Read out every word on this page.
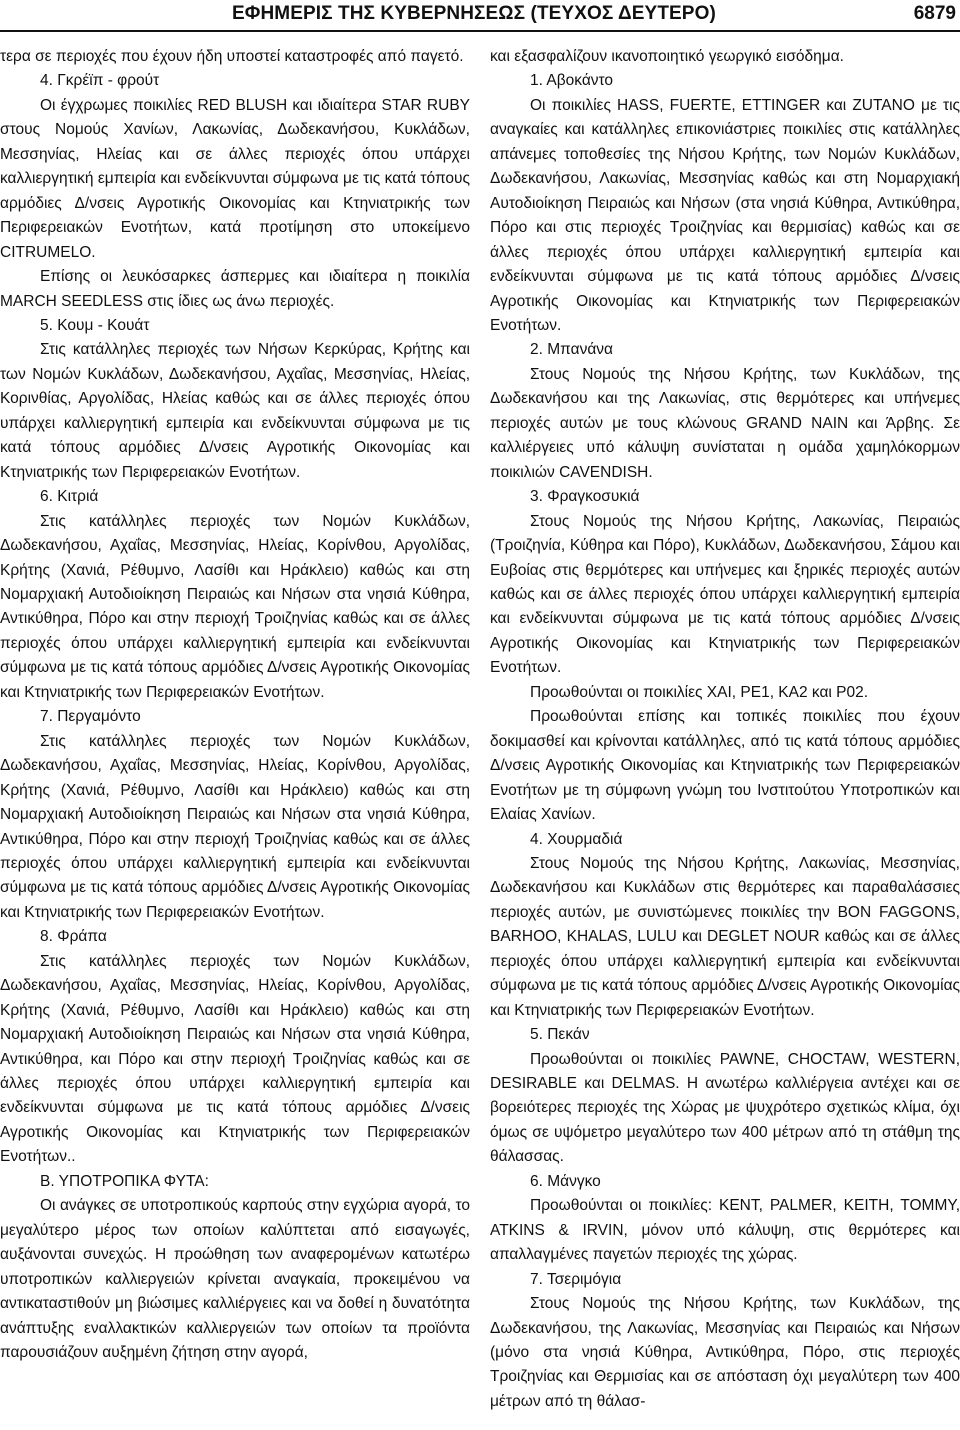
ΕΦΗΜΕΡΙΣ ΤΗΣ ΚΥΒΕΡΝΗΣΕΩΣ (ΤΕΥΧΟΣ ΔΕΥΤΕΡΟ)	6879

τερα σε περιοχές που έχουν ήδη υποστεί καταστροφές από παγετό.

4. Γκρέϊπ - φρούτ

Οι έγχρωμες ποικιλίες RED BLUSH και ιδιαίτερα STAR RUBY στους Νομούς Χανίων, Λακωνίας, Δωδεκανήσου, Κυκλάδων, Μεσσηνίας, Ηλείας και σε άλλες περιοχές όπου υπάρχει καλλιεργητική εμπειρία και ενδείκνυνται σύμφωνα με τις κατά τόπους αρμόδιες Δ/νσεις Αγροτικής Οικονομίας και Κτηνιατρικής των Περιφερειακών Ενοτήτων, κατά προτίμηση στο υποκείμενο CITRUMELO.

Επίσης οι λευκόσαρκες άσπερμες και ιδιαίτερα η ποικιλία MARCH SEEDLESS στις ίδιες ως άνω περιοχές.

5. Κουμ - Κουάτ

Στις κατάλληλες περιοχές των Νήσων Κερκύρας, Κρήτης και των Νομών Κυκλάδων, Δωδεκανήσου, Αχαΐας, Μεσσηνίας, Ηλείας, Κορινθίας, Αργολίδας, Ηλείας καθώς και σε άλλες περιοχές όπου υπάρχει καλλιεργητική εμπειρία και ενδείκνυνται σύμφωνα με τις κατά τόπους αρμόδιες Δ/νσεις Αγροτικής Οικονομίας και Κτηνιατρικής των Περιφερειακών Ενοτήτων.

6. Κιτριά

Στις κατάλληλες περιοχές των Νομών Κυκλάδων, Δωδεκανήσου, Αχαΐας, Μεσσηνίας, Ηλείας, Κορίνθου, Αργολίδας, Κρήτης (Χανιά, Ρέθυμνο, Λασίθι και Ηράκλειο) καθώς και στη Νομαρχιακή Αυτοδιοίκηση Πειραιώς και Νήσων στα νησιά Κύθηρα, Αντικύθηρα, Πόρο και στην περιοχή Τροιζηνίας καθώς και σε άλλες περιοχές όπου υπάρχει καλλιεργητική εμπειρία και ενδείκνυνται σύμφωνα με τις κατά τόπους αρμόδιες Δ/νσεις Αγροτικής Οικονομίας και Κτηνιατρικής των Περιφερειακών Ενοτήτων.

7. Περγαμόντο

Στις κατάλληλες περιοχές των Νομών Κυκλάδων, Δωδεκανήσου, Αχαΐας, Μεσσηνίας, Ηλείας, Κορίνθου, Αργολίδας, Κρήτης (Χανιά, Ρέθυμνο, Λασίθι και Ηράκλειο) καθώς και στη Νομαρχιακή Αυτοδιοίκηση Πειραιώς και Νήσων στα νησιά Κύθηρα, Αντικύθηρα, Πόρο και στην περιοχή Τροιζηνίας καθώς και σε άλλες περιοχές όπου υπάρχει καλλιεργητική εμπειρία και ενδείκνυνται σύμφωνα με τις κατά τόπους αρμόδιες Δ/νσεις Αγροτικής Οικονομίας και Κτηνιατρικής των Περιφερειακών Ενοτήτων.

8. Φράπα

Στις κατάλληλες περιοχές των Νομών Κυκλάδων, Δωδεκανήσου, Αχαΐας, Μεσσηνίας, Ηλείας, Κορίνθου, Αργολίδας, Κρήτης (Χανιά, Ρέθυμνο, Λασίθι και Ηράκλειο) καθώς και στη Νομαρχιακή Αυτοδιοίκηση Πειραιώς και Νήσων στα νησιά Κύθηρα, Αντικύθηρα, και Πόρο και στην περιοχή Τροιζηνίας καθώς και σε άλλες περιοχές όπου υπάρχει καλλιεργητική εμπειρία και ενδείκνυνται σύμφωνα με τις κατά τόπους αρμόδιες Δ/νσεις Αγροτικής Οικονομίας και Κτηνιατρικής των Περιφερειακών Ενοτήτων..

Β. ΥΠΟΤΡΟΠΙΚΑ ΦΥΤΑ:

Οι ανάγκες σε υποτροπικούς καρπούς στην εγχώρια αγορά, το μεγαλύτερο μέρος των οποίων καλύπτεται από εισαγωγές, αυξάνονται συνεχώς. Η προώθηση των αναφερομένων κατωτέρω υποτροπικών καλλιεργειών κρίνεται αναγκαία, προκειμένου να αντικαταστιθούν μη βιώσιμες καλλιέργειες και να δοθεί η δυνατότητα ανάπτυξης εναλλακτικών καλλιεργειών των οποίων τα προϊόντα παρουσιάζουν αυξημένη ζήτηση στην αγορά,

και εξασφαλίζουν ικανοποιητικό γεωργικό εισόδημα.

1. Αβοκάντο

Οι ποικιλίες HASS, FUERTE, ETTINGER και ZUTANO με τις αναγκαίες και κατάλληλες επικονιάστριες ποικιλίες στις κατάλληλες απάνεμες τοποθεσίες της Νήσου Κρήτης, των Νομών Κυκλάδων, Δωδεκανήσου, Λακωνίας, Μεσσηνίας καθώς και στη Νομαρχιακή Αυτοδιοίκηση Πειραιώς και Νήσων (στα νησιά Κύθηρα, Αντικύθηρα, Πόρο και στις περιοχές Τροιζηνίας και θερμισίας) καθώς και σε άλλες περιοχές όπου υπάρχει καλλιεργητική εμπειρία και ενδείκνυνται σύμφωνα με τις κατά τόπους αρμόδιες Δ/νσεις Αγροτικής Οικονομίας και Κτηνιατρικής των Περιφερειακών Ενοτήτων.

2. Μπανάνα

Στους Νομούς της Νήσου Κρήτης, των Κυκλάδων, της Δωδεκανήσου και της Λακωνίας, στις θερμότερες και υπήνεμες περιοχές αυτών με τους κλώνους GRAND NAIN και Άρβης. Σε καλλιέργειες υπό κάλυψη συνίσταται η ομάδα χαμηλόκορμων ποικιλιών CAVENDISH.

3. Φραγκοσυκιά

Στους Νομούς της Νήσου Κρήτης, Λακωνίας, Πειραιώς (Τροιζηνία, Κύθηρα και Πόρο), Κυκλάδων, Δωδεκανήσου, Σάμου και Ευβοίας στις θερμότερες και υπήνεμες και ξηρικές περιοχές αυτών καθώς και σε άλλες περιοχές όπου υπάρχει καλλιεργητική εμπειρία και ενδείκνυνται σύμφωνα με τις κατά τόπους αρμόδιες Δ/νσεις Αγροτικής Οικονομίας και Κτηνιατρικής των Περιφερειακών Ενοτήτων.

Προωθούνται οι ποικιλίες ΧΑΙ, ΡΕ1, ΚΑ2 και Ρ02.

Προωθούνται επίσης και τοπικές ποικιλίες που έχουν δοκιμασθεί και κρίνονται κατάλληλες, από τις κατά τόπους αρμόδιες Δ/νσεις Αγροτικής Οικονομίας και Κτηνιατρικής των Περιφερειακών Ενοτήτων με τη σύμφωνη γνώμη του Ινστιτούτου Υποτροπικών και Ελαίας Χανίων.

4. Χουρμαδιά

Στους Νομούς της Νήσου Κρήτης, Λακωνίας, Μεσσηνίας, Δωδεκανήσου και Κυκλάδων στις θερμότερες και παραθαλάσσιες περιοχές αυτών, με συνιστώμενες ποικιλίες την BON FAGGONS, BARHOO, KHALAS, LULU και DEGLET NOUR καθώς και σε άλλες περιοχές όπου υπάρχει καλλιεργητική εμπειρία και ενδείκνυνται σύμφωνα με τις κατά τόπους αρμόδιες Δ/νσεις Αγροτικής Οικονομίας και Κτηνιατρικής των Περιφερειακών Ενοτήτων.

5. Πεκάν

Προωθούνται οι ποικιλίες PAWNE, CHOCTAW, WESTERN, DESIRABLE και DELMAS. Η ανωτέρω καλλιέργεια αντέχει και σε βορειότερες περιοχές της Χώρας με ψυχρότερο σχετικώς κλίμα, όχι όμως σε υψόμετρο μεγαλύτερο των 400 μέτρων από τη στάθμη της θάλασσας.

6. Μάνγκο

Προωθούνται οι ποικιλίες: KENT, PALMER, KEITH, TOMMY, ATKINS & IRVIN, μόνον υπό κάλυψη, στις θερμότερες και απαλλαγμένες παγετών περιοχές της χώρας.

7. Τσεριμόγια

Στους Νομούς της Νήσου Κρήτης, των Κυκλάδων, της Δωδεκανήσου, της Λακωνίας, Μεσσηνίας και Πειραιώς και Νήσων (μόνο στα νησιά Κύθηρα, Αντικύθηρα, Πόρο, στις περιοχές Τροιζηνίας και Θερμισίας και σε απόσταση όχι μεγαλύτερη των 400 μέτρων από τη θάλασ-
